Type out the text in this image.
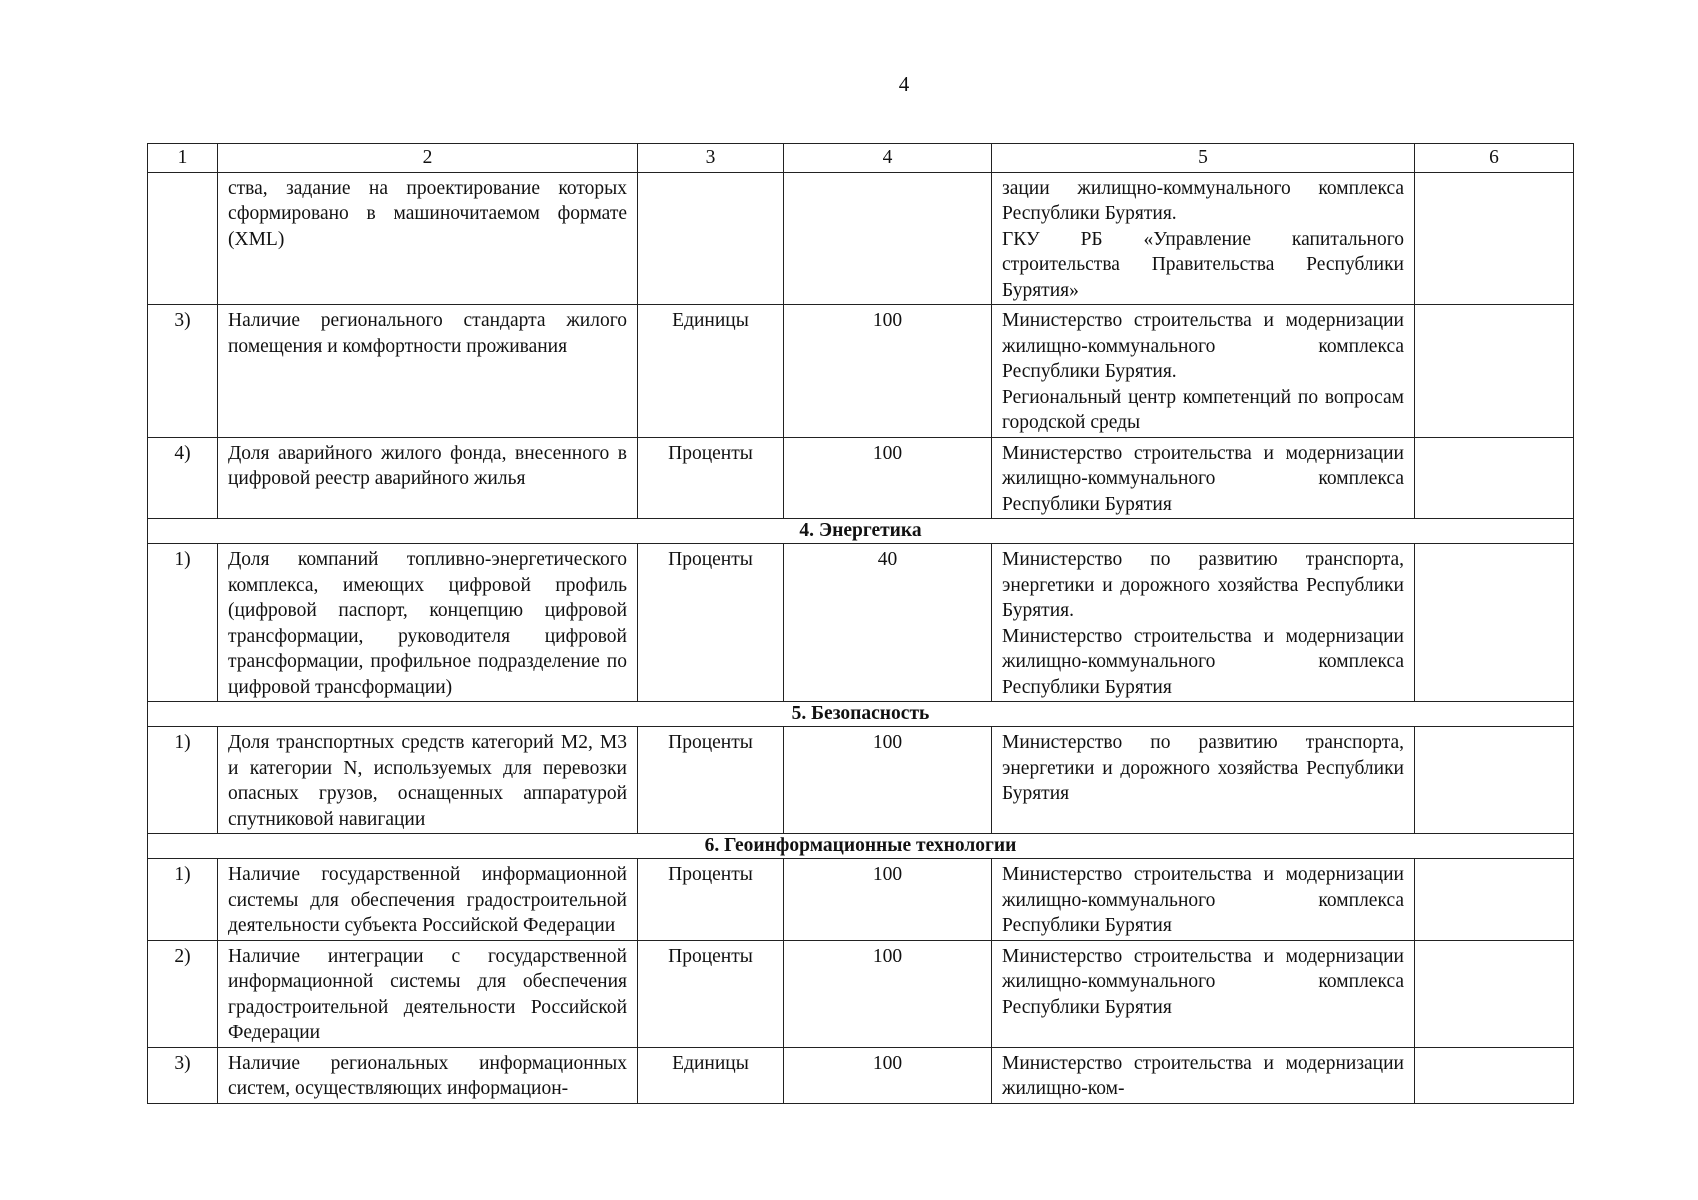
4
1	2	3	4	5	6
	ства, задание на проектирование которых сформировано в машиночитаемом формате (XML)			зации жилищно-коммунального комплекса Республики Бурятия.
ГКУ РБ «Управление капитального строительства Правительства Республики Бурятия»	

3)	Наличие регионального стандарта жилого помещения и комфортности проживания	Единицы	100	Министерство строительства и модернизации жилищно-коммунального комплекса Республики Бурятия.
Региональный центр компетенций по вопросам городской среды	

4)	Доля аварийного жилого фонда, внесенного в цифровой реестр аварийного жилья	Проценты	100	Министерство строительства и модернизации жилищно-коммунального комплекса Республики Бурятия	

4. Энергетика					
1)	Доля компаний топливно-энергетического комплекса, имеющих цифровой профиль (цифровой паспорт, концепцию цифровой трансформации, руководителя цифровой трансформации, профильное подразделение по цифровой трансформации)	Проценты	40	Министерство по развитию транспорта, энергетики и дорожного хозяйства Республики Бурятия.
Министерство строительства и модернизации жилищно-коммунального комплекса Республики Бурятия	

5. Безопасность					
1)	Доля транспортных средств категорий M2, M3 и категории N, используемых для перевозки опасных грузов, оснащенных аппаратурой спутниковой навигации	Проценты	100	Министерство по развитию транспорта, энергетики и дорожного хозяйства Республики Бурятия	

6. Геоинформационные технологии					
1)	Наличие государственной информационной системы для обеспечения градостроительной деятельности субъекта Российской Федерации	Проценты	100	Министерство строительства и модернизации жилищно-коммунального комплекса Республики Бурятия	

2)	Наличие интеграции с государственной информационной системы для обеспечения градостроительной деятельности Российской Федерации	Проценты	100	Министерство строительства и модернизации жилищно-коммунального комплекса Республики Бурятия	

3)	Наличие региональных информационных систем, осуществляющих информацион-	Единицы	100	Министерство строительства и модернизации жилищно-ком-	
